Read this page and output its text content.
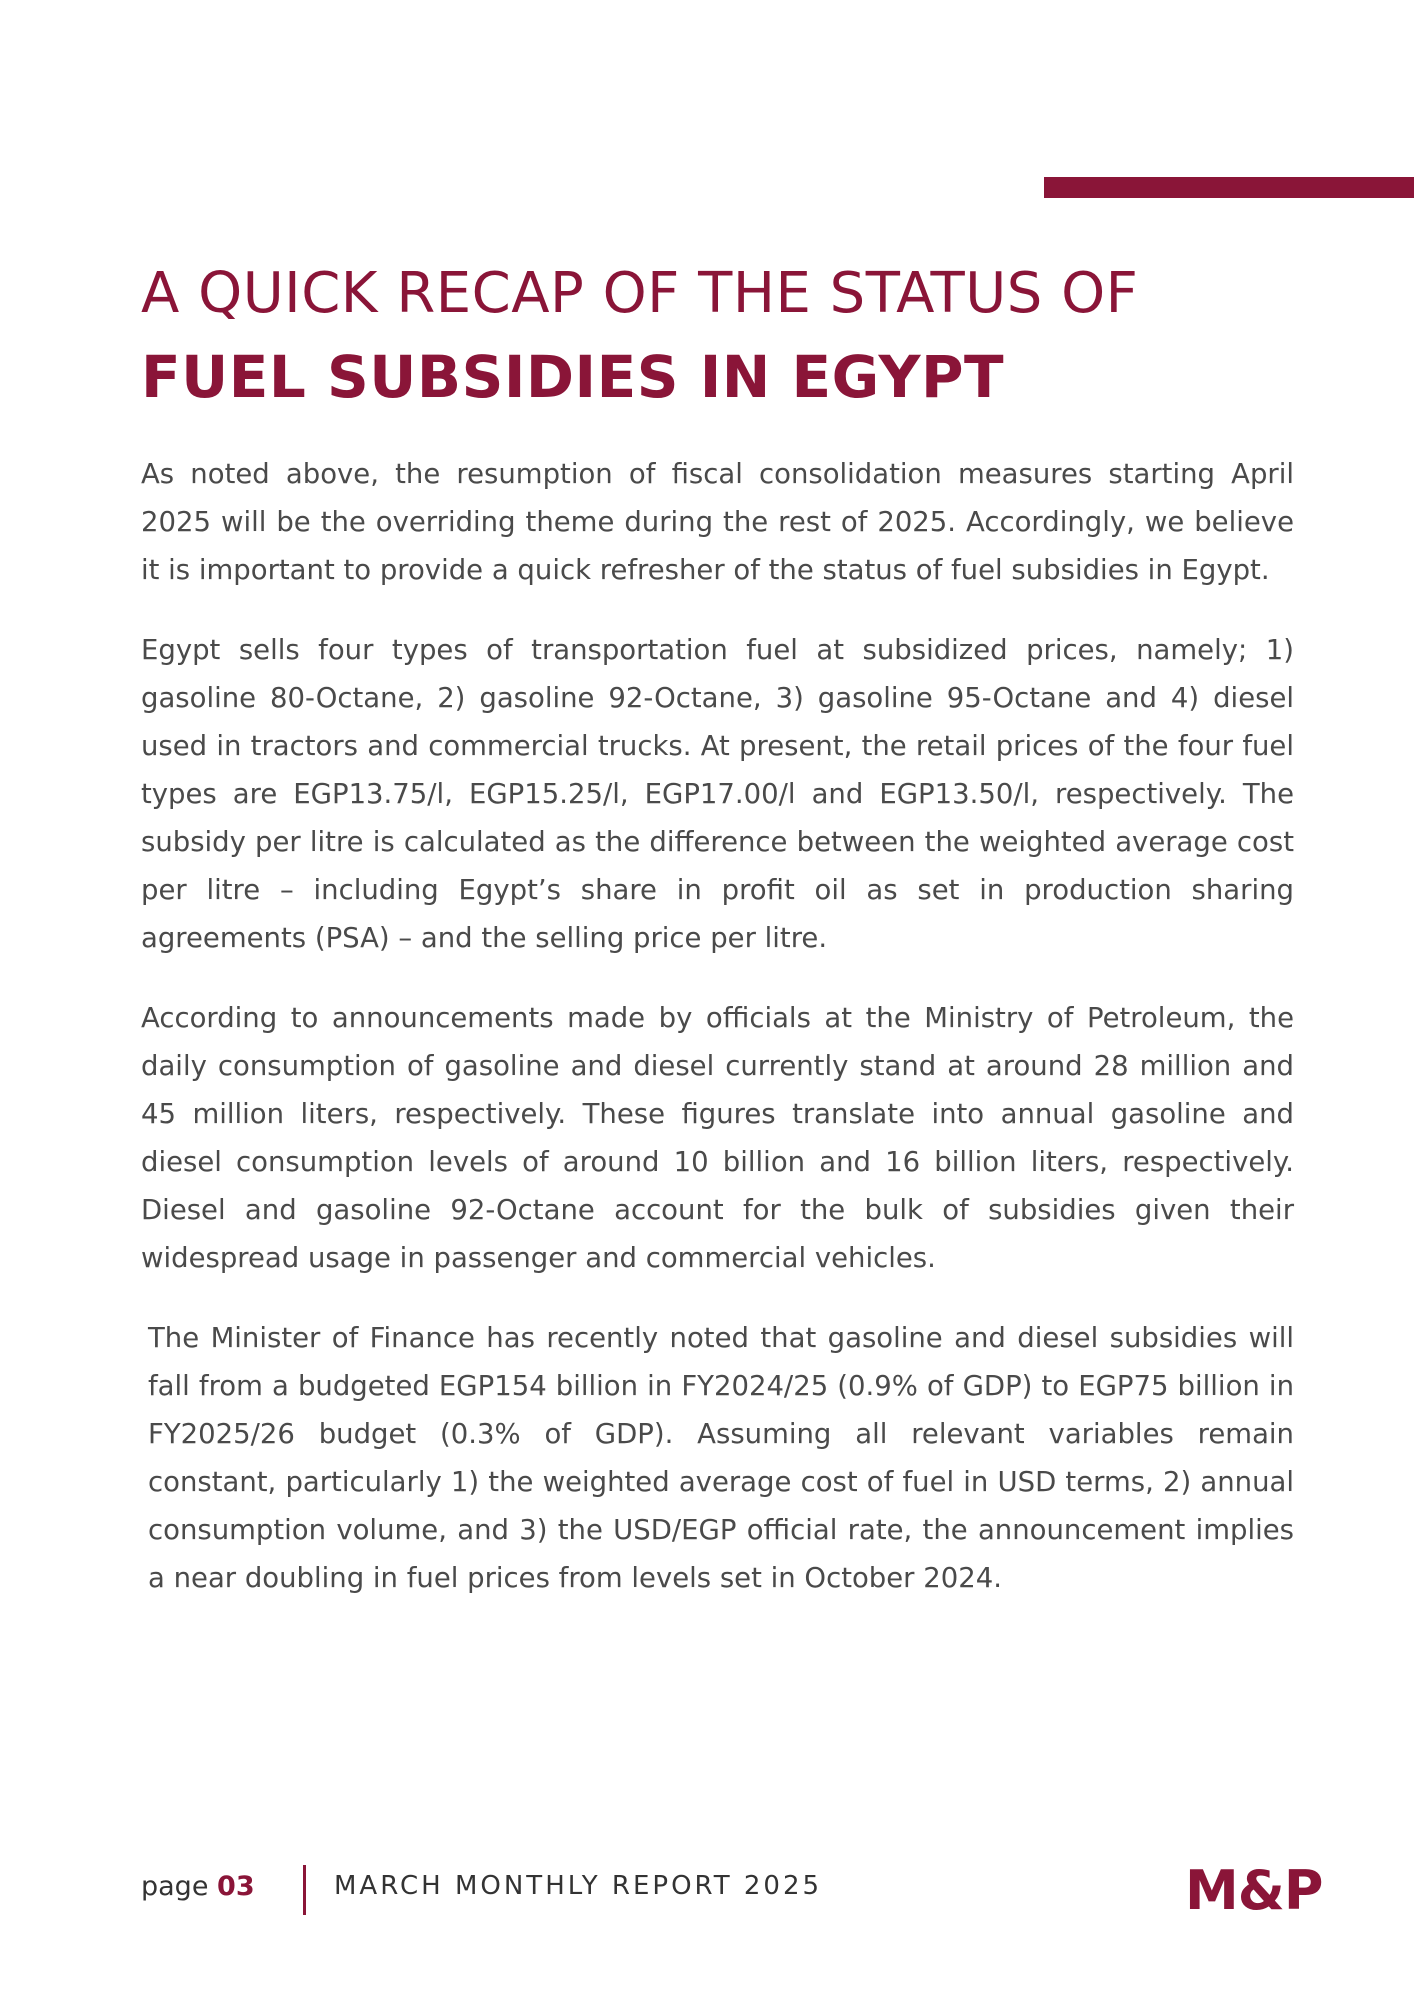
A QUICK RECAP OF THE STATUS OF
FUEL SUBSIDIES IN EGYPT

As noted above, the resumption of fiscal consolidation measures starting April 2025 will be the overriding theme during the rest of 2025. Accordingly, we believe it is important to provide a quick refresher of the status of fuel subsidies in Egypt.

Egypt sells four types of transportation fuel at subsidized prices, namely; 1) gasoline 80-Octane, 2) gasoline 92-Octane, 3) gasoline 95-Octane and 4) diesel used in tractors and commercial trucks. At present, the retail prices of the four fuel types are EGP13.75/l, EGP15.25/l, EGP17.00/l and EGP13.50/l, respectively. The subsidy per litre is calculated as the difference between the weighted average cost per litre – including Egypt’s share in profit oil as set in production sharing agreements (PSA) – and the selling price per litre.

According to announcements made by officials at the Ministry of Petroleum, the daily consumption of gasoline and diesel currently stand at around 28 million and 45 million liters, respectively. These figures translate into annual gasoline and diesel consumption levels of around 10 billion and 16 billion liters, respectively. Diesel and gasoline 92-Octane account for the bulk of subsidies given their widespread usage in passenger and commercial vehicles.

The Minister of Finance has recently noted that gasoline and diesel subsidies will fall from a budgeted EGP154 billion in FY2024/25 (0.9% of GDP) to EGP75 billion in FY2025/26 budget (0.3% of GDP). Assuming all relevant variables remain constant, particularly 1) the weighted average cost of fuel in USD terms, 2) annual consumption volume, and 3) the USD/EGP official rate, the announcement implies a near doubling in fuel prices from levels set in October 2024.

page 03	MARCH MONTHLY REPORT 2025	M&P
